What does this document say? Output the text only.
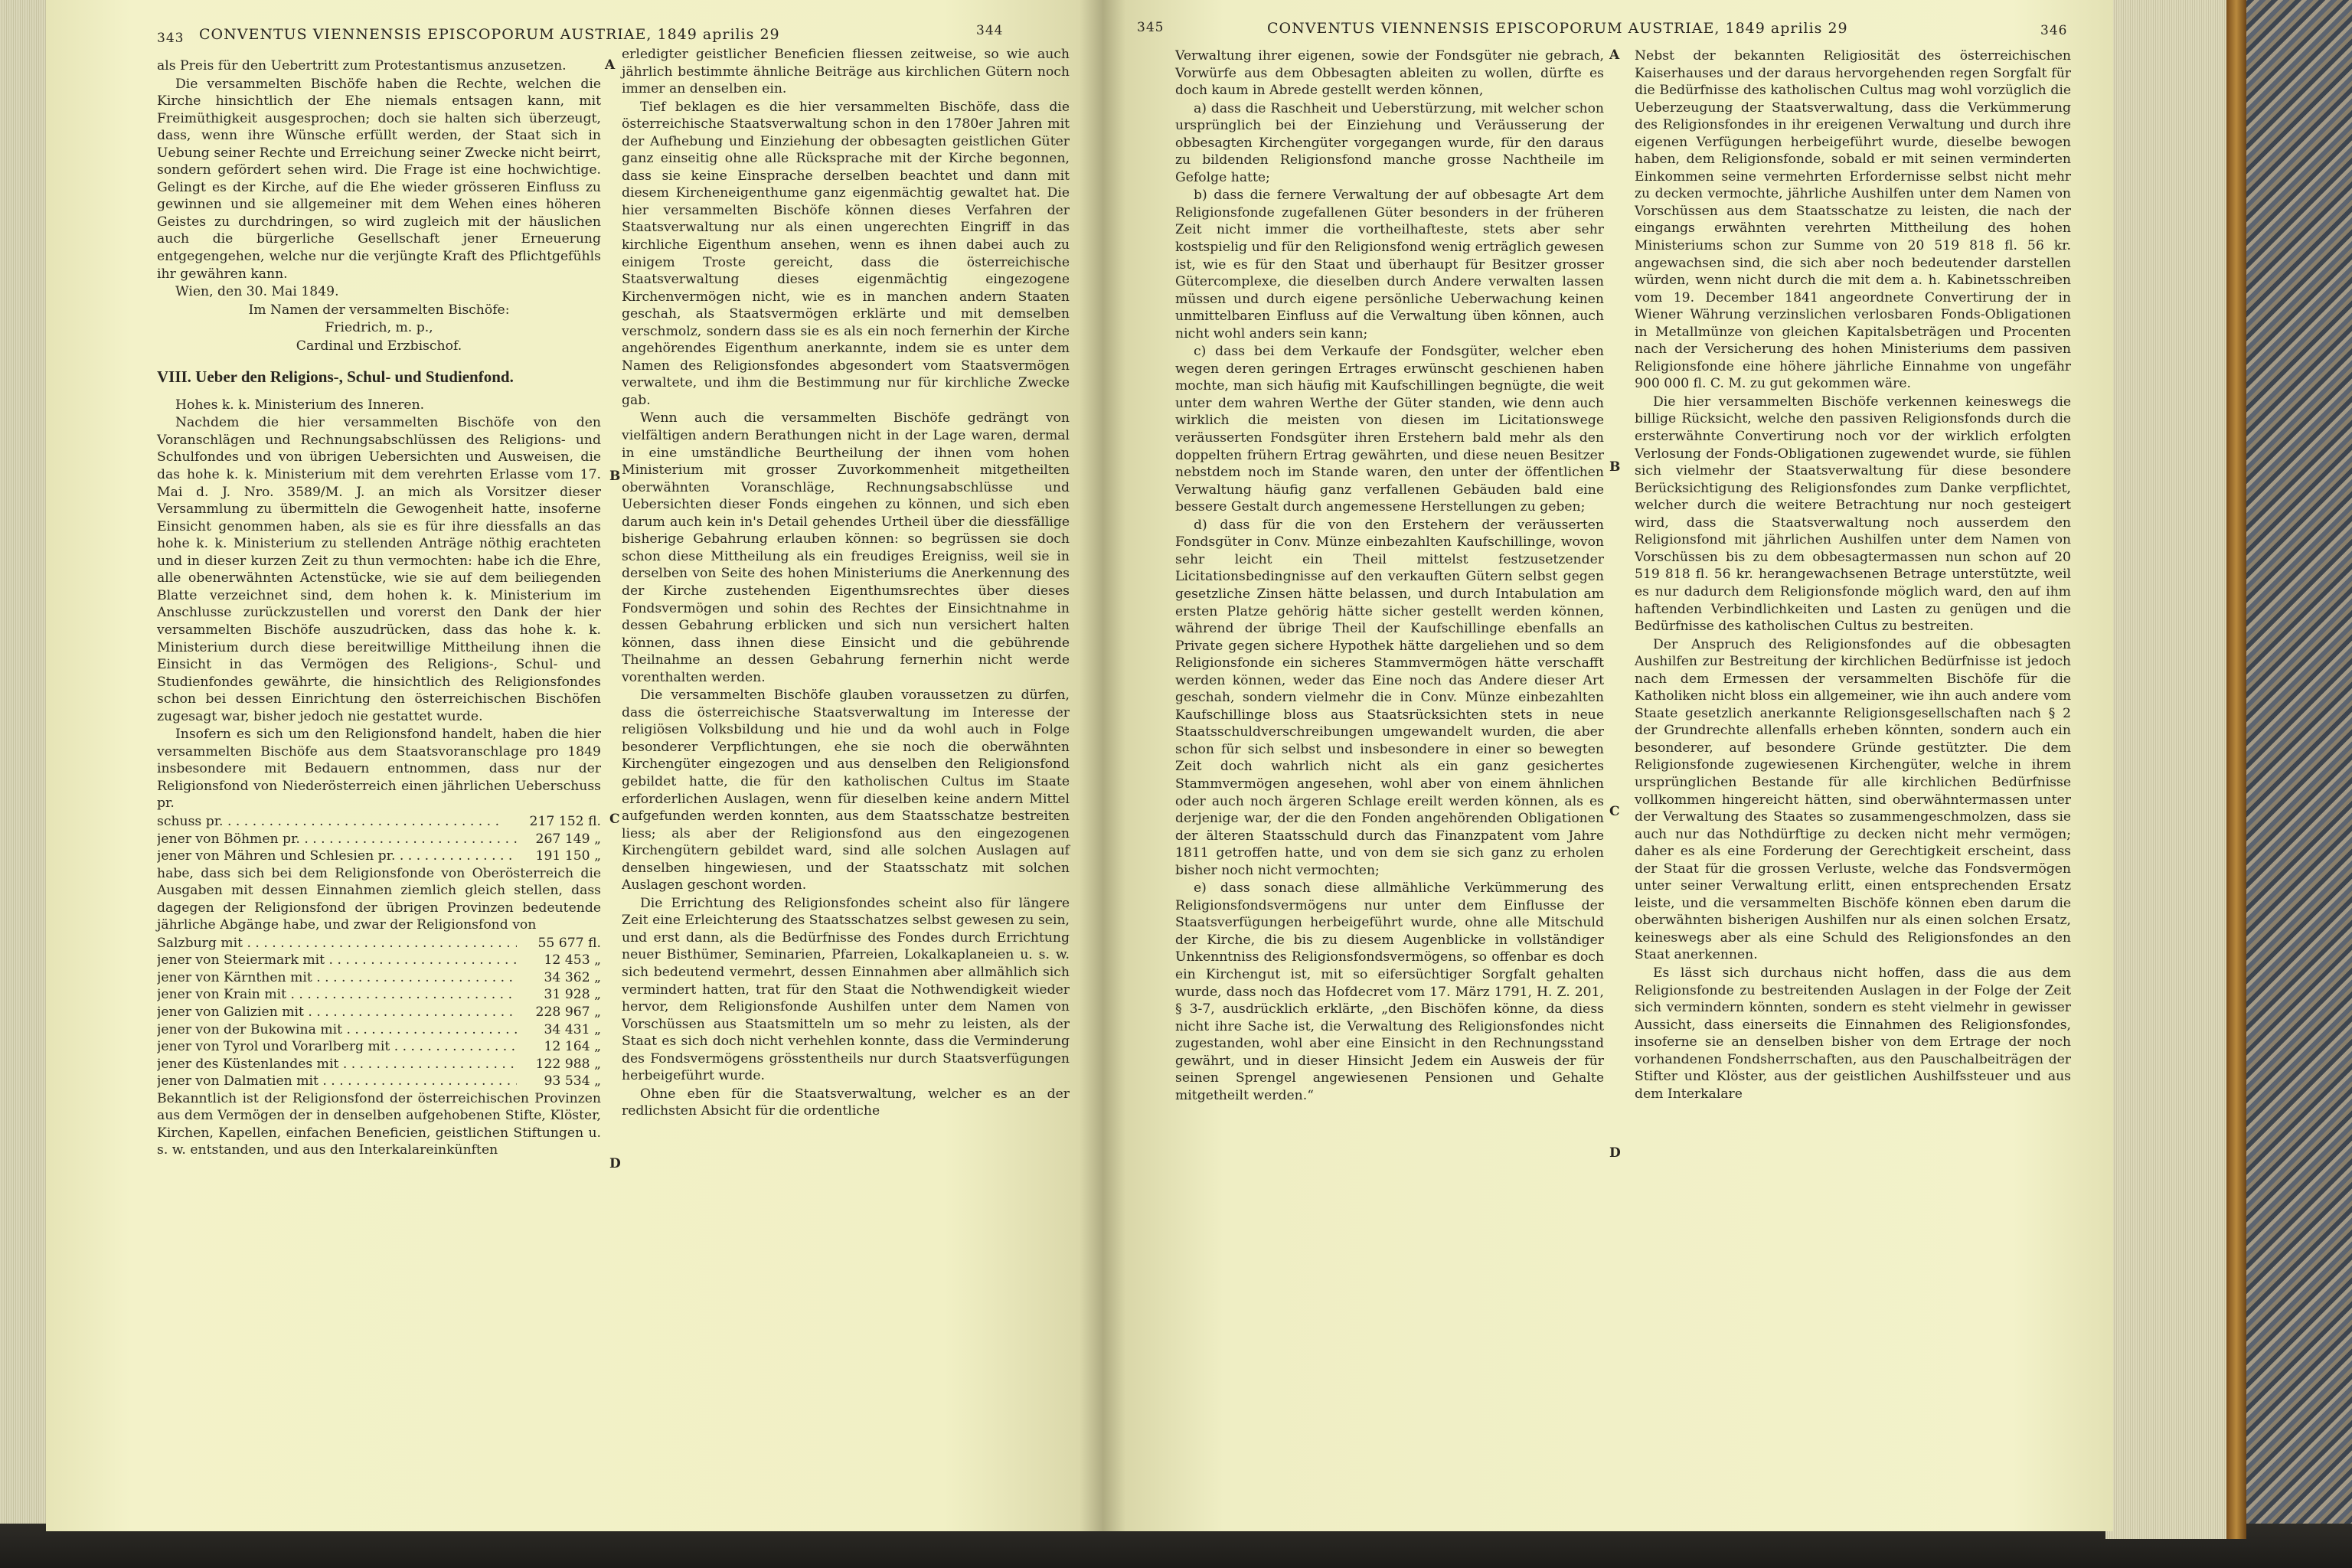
343 CONVENTUS VIENNENSIS EPISCOPORUM AUSTRIAE, 1849 aprilis 29	344

als Preis für den Uebertritt zum Protestantismus anzusetzen.

Die versammelten Bischöfe haben die Rechte, welchen die Kirche hinsichtlich der Ehe niemals entsagen kann, mit Freimüthigkeit ausgesprochen; doch sie halten sich überzeugt, dass, wenn ihre Wünsche erfüllt werden, der Staat sich in Uebung seiner Rechte und Erreichung seiner Zwecke nicht beirrt, sondern gefördert sehen wird. Die Frage ist eine hochwichtige. Gelingt es der Kirche, auf die Ehe wieder grösseren Einfluss zu gewinnen und sie allgemeiner mit dem Wehen eines höheren Geistes zu durchdringen, so wird zugleich mit der häuslichen auch die bürgerliche Gesellschaft jener Erneuerung entgegengehen, welche nur die verjüngte Kraft des Pflichtgefühls ihr gewähren kann.

Wien, den 30. Mai 1849.

Im Namen der versammelten Bischöfe:

Friedrich, m. p.,

Cardinal und Erzbischof.

VIII. Ueber den Religions-, Schul- und Studienfond.

Hohes k. k. Ministerium des Inneren.

Nachdem die hier versammelten Bischöfe von den Voranschlägen und Rechnungsabschlüssen des Religions- und Schulfondes und von übrigen Uebersichten und Ausweisen, die das hohe k. k. Ministerium mit dem verehrten Erlasse vom 17. Mai d. J. Nro. 3589/M. J. an mich als Vorsitzer dieser Versammlung zu übermitteln die Gewogenheit hatte, insoferne Einsicht genommen haben, als sie es für ihre diessfalls an das hohe k. k. Ministerium zu stellenden Anträge nöthig erachteten und in dieser kurzen Zeit zu thun vermochten: habe ich die Ehre, alle obenerwähnten Actenstücke, wie sie auf dem beiliegenden Blatte verzeichnet sind, dem hohen k. k. Ministerium im Anschlusse zurückzustellen und vorerst den Dank der hier versammelten Bischöfe auszudrücken, dass das hohe k. k. Ministerium durch diese bereitwillige Mittheilung ihnen die Einsicht in das Vermögen des Religions-, Schul- und Studienfondes gewährte, die hinsichtlich des Religionsfondes schon bei dessen Einrichtung den österreichischen Bischöfen zugesagt war, bisher jedoch nie gestattet wurde.

Insofern es sich um den Religionsfond handelt, haben die hier versammelten Bischöfe aus dem Staatsvoranschlage pro 1849 insbesondere mit Bedauern entnommen, dass nur der Religionsfond von Niederösterreich einen jährlichen Ueberschuss pr.

schuss pr. . . .	217 152 fl.
jener von Böhmen pr. . . .	267 149 „
jener von Mähren und Schlesien pr. . . .	191 150 „

habe, dass sich bei dem Religionsfonde von Oberösterreich die Ausgaben mit dessen Einnahmen ziemlich gleich stellen, dass dagegen der Religionsfond der übrigen Provinzen bedeutende jährliche Abgänge habe, und zwar der Religionsfond von

Salzburg mit . . .	55 677 fl.
jener von Steiermark mit . . .	12 453 „
jener von Kärnthen mit . . .	34 362 „
jener von Krain mit . . .	31 928 „
jener von Galizien mit . . .	228 967 „
jener von der Bukowina mit . . .	34 431 „
jener von Tyrol und Vorarlberg mit . . .	12 164 „
jener des Küstenlandes mit . . .	122 988 „
jener von Dalmatien mit . . .	93 534 „

Bekanntlich ist der Religionsfond der österreichischen Provinzen aus dem Vermögen der in denselben aufgehobenen Stifte, Klöster, Kirchen, Kapellen, einfachen Beneficien, geistlichen Stiftungen u. s. w. entstanden, und aus den Interkalareinkünften

erledigter geistlicher Beneficien fliessen zeitweise, so wie auch jährlich bestimmte ähnliche Beiträge aus kirchlichen Gütern noch immer an denselben ein.

Tief beklagen es die hier versammelten Bischöfe, dass die österreichische Staatsverwaltung schon in den 1780er Jahren mit der Aufhebung und Einziehung der obbesagten geistlichen Güter ganz einseitig ohne alle Rücksprache mit der Kirche begonnen, dass sie keine Einsprache derselben beachtet und dann mit diesem Kircheneigenthume ganz eigenmächtig gewaltet hat. Die hier versammelten Bischöfe können dieses Verfahren der Staatsverwaltung nur als einen ungerechten Eingriff in das kirchliche Eigenthum ansehen, wenn es ihnen dabei auch zu einigem Troste gereicht, dass die österreichische Staatsverwaltung dieses eigenmächtig eingezogene Kirchenvermögen nicht, wie es in manchen andern Staaten geschah, als Staatsvermögen erklärte und mit demselben verschmolz, sondern dass sie es als ein noch fernerhin der Kirche angehörendes Eigenthum anerkannte, indem sie es unter dem Namen des Religionsfondes abgesondert vom Staatsvermögen verwaltete, und ihm die Bestimmung nur für kirchliche Zwecke gab.

Wenn auch die versammelten Bischöfe gedrängt von vielfältigen andern Berathungen nicht in der Lage waren, dermal in eine umständliche Beurtheilung der ihnen vom hohen Ministerium mit grosser Zuvorkommenheit mitgetheilten oberwähnten Voranschläge, Rechnungsabschlüsse und Uebersichten dieser Fonds eingehen zu können, und sich eben darum auch kein in's Detail gehendes Urtheil über die diessfällige bisherige Gebahrung erlauben können: so begrüssen sie doch schon diese Mittheilung als ein freudiges Ereigniss, weil sie in derselben von Seite des hohen Ministeriums die Anerkennung des der Kirche zustehenden Eigenthumsrechtes über dieses Fondsvermögen und sohin des Rechtes der Einsichtnahme in dessen Gebahrung erblicken und sich nun versichert halten können, dass ihnen diese Einsicht und die gebührende Theilnahme an dessen Gebahrung fernerhin nicht werde vorenthalten werden.

Die versammelten Bischöfe glauben voraussetzen zu dürfen, dass die österreichische Staatsverwaltung im Interesse der religiösen Volksbildung und hie und da wohl auch in Folge besonderer Verpflichtungen, ehe sie noch die oberwähnten Kirchengüter eingezogen und aus denselben den Religionsfond gebildet hatte, die für den katholischen Cultus im Staate erforderlichen Auslagen, wenn für dieselben keine andern Mittel aufgefunden werden konnten, aus dem Staatsschatze bestreiten liess; als aber der Religionsfond aus den eingezogenen Kirchengütern gebildet ward, sind alle solchen Auslagen auf denselben hingewiesen, und der Staatsschatz mit solchen Auslagen geschont worden.

Die Errichtung des Religionsfondes scheint also für längere Zeit eine Erleichterung des Staatsschatzes selbst gewesen zu sein, und erst dann, als die Bedürfnisse des Fondes durch Errichtung neuer Bisthümer, Seminarien, Pfarreien, Lokalkaplaneien u. s. w. sich bedeutend vermehrt, dessen Einnahmen aber allmählich sich vermindert hatten, trat für den Staat die Nothwendigkeit wieder hervor, dem Religionsfonde Aushilfen unter dem Namen von Vorschüssen aus Staatsmitteln um so mehr zu leisten, als der Staat es sich doch nicht verhehlen konnte, dass die Verminderung des Fondsvermögens grösstentheils nur durch Staatsverfügungen herbeigeführt wurde.

Ohne eben für die Staatsverwaltung, welcher es an der redlichsten Absicht für die ordentliche

A
B
C
D
345	CONVENTUS VIENNENSIS EPISCOPORUM AUSTRIAE, 1849 aprilis 29	346

Verwaltung ihrer eigenen, sowie der Fondsgüter nie gebrach, Vorwürfe aus dem Obbesagten ableiten zu wollen, dürfte es doch kaum in Abrede gestellt werden können,

a) dass die Raschheit und Ueberstürzung, mit welcher schon ursprünglich bei der Einziehung und Veräusserung der obbesagten Kirchengüter vorgegangen wurde, für den daraus zu bildenden Religionsfond manche grosse Nachtheile im Gefolge hatte;

b) dass die fernere Verwaltung der auf obbesagte Art dem Religionsfonde zugefallenen Güter besonders in der früheren Zeit nicht immer die vortheilhafteste, stets aber sehr kostspielig und für den Religionsfond wenig erträglich gewesen ist, wie es für den Staat und überhaupt für Besitzer grosser Gütercomplexe, die dieselben durch Andere verwalten lassen müssen und durch eigene persönliche Ueberwachung keinen unmittelbaren Einfluss auf die Verwaltung üben können, auch nicht wohl anders sein kann;

c) dass bei dem Verkaufe der Fondsgüter, welcher eben wegen deren geringen Ertrages erwünscht geschienen haben mochte, man sich häufig mit Kaufschillingen begnügte, die weit unter dem wahren Werthe der Güter standen, wie denn auch wirklich die meisten von diesen im Licitationswege veräusserten Fondsgüter ihren Erstehern bald mehr als den doppelten frühern Ertrag gewährten, und diese neuen Besitzer nebstdem noch im Stande waren, den unter der öffentlichen Verwaltung häufig ganz verfallenen Gebäuden bald eine bessere Gestalt durch angemessene Herstellungen zu geben;

d) dass für die von den Erstehern der veräusserten Fondsgüter in Conv. Münze einbezahlten Kaufschillinge, wovon sehr leicht ein Theil mittelst festzusetzender Licitationsbedingnisse auf den verkauften Gütern selbst gegen gesetzliche Zinsen hätte belassen, und durch Intabulation am ersten Platze gehörig hätte sicher gestellt werden können, während der übrige Theil der Kaufschillinge ebenfalls an Private gegen sichere Hypothek hätte dargeliehen und so dem Religionsfonde ein sicheres Stammvermögen hätte verschafft werden können, weder das Eine noch das Andere dieser Art geschah, sondern vielmehr die in Conv. Münze einbezahlten Kaufschillinge bloss aus Staatsrücksichten stets in neue Staatsschuldverschreibungen umgewandelt wurden, die aber schon für sich selbst und insbesondere in einer so bewegten Zeit doch wahrlich nicht als ein ganz gesichertes Stammvermögen angesehen, wohl aber von einem ähnlichen oder auch noch ärgeren Schlage ereilt werden können, als es derjenige war, der die den Fonden angehörenden Obligationen der älteren Staatsschuld durch das Finanzpatent vom Jahre 1811 getroffen hatte, und von dem sie sich ganz zu erholen bisher noch nicht vermochten;

e) dass sonach diese allmähliche Verkümmerung des Religionsfondsvermögens nur unter dem Einflusse der Staatsverfügungen herbeigeführt wurde, ohne alle Mitschuld der Kirche, die bis zu diesem Augenblicke in vollständiger Unkenntniss des Religionsfondsvermögens, so offenbar es doch ein Kirchengut ist, mit so eifersüchtiger Sorgfalt gehalten wurde, dass noch das Hofdecret vom 17. März 1791, H. Z. 201, § 3-7, ausdrücklich erklärte, „den Bischöfen könne, da diess nicht ihre Sache ist, die Verwaltung des Religionsfondes nicht zugestanden, wohl aber eine Einsicht in den Rechnungsstand gewährt, und in dieser Hinsicht Jedem ein Ausweis der für seinen Sprengel angewiesenen Pensionen und Gehalte mitgetheilt werden.“

Nebst der bekannten Religiosität des österreichischen Kaiserhauses und der daraus hervorgehenden regen Sorgfalt für die Bedürfnisse des katholischen Cultus mag wohl vorzüglich die Ueberzeugung der Staatsverwaltung, dass die Verkümmerung des Religionsfondes in ihr ereigenen Verwaltung und durch ihre eigenen Verfügungen herbeigeführt wurde, dieselbe bewogen haben, dem Religionsfonde, sobald er mit seinen verminderten Einkommen seine vermehrten Erfordernisse selbst nicht mehr zu decken vermochte, jährliche Aushilfen unter dem Namen von Vorschüssen aus dem Staatsschatze zu leisten, die nach der eingangs erwähnten verehrten Mittheilung des hohen Ministeriums schon zur Summe von 20 519 818 fl. 56 kr. angewachsen sind, die sich aber noch bedeutender darstellen würden, wenn nicht durch die mit dem a. h. Kabinetsschreiben vom 19. December 1841 angeordnete Convertirung der in Wiener Währung verzinslichen verlosbaren Fonds-Obligationen in Metallmünze von gleichen Kapitalsbeträgen und Procenten nach der Versicherung des hohen Ministeriums dem passiven Religionsfonde eine höhere jährliche Einnahme von ungefähr 900 000 fl. C. M. zu gut gekommen wäre.

Die hier versammelten Bischöfe verkennen keineswegs die billige Rücksicht, welche den passiven Religionsfonds durch die ersterwähnte Convertirung noch vor der wirklich erfolgten Verlosung der Fonds-Obligationen zugewendet wurde, sie fühlen sich vielmehr der Staatsverwaltung für diese besondere Berücksichtigung des Religionsfondes zum Danke verpflichtet, welcher durch die weitere Betrachtung nur noch gesteigert wird, dass die Staatsverwaltung noch ausserdem den Religionsfond mit jährlichen Aushilfen unter dem Namen von Vorschüssen bis zu dem obbesagtermassen nun schon auf 20 519 818 fl. 56 kr. herangewachsenen Betrage unterstützte, weil es nur dadurch dem Religionsfonde möglich ward, den auf ihm haftenden Verbindlichkeiten und Lasten zu genügen und die Bedürfnisse des katholischen Cultus zu bestreiten.

Der Anspruch des Religionsfondes auf die obbesagten Aushilfen zur Bestreitung der kirchlichen Bedürfnisse ist jedoch nach dem Ermessen der versammelten Bischöfe für die Katholiken nicht bloss ein allgemeiner, wie ihn auch andere vom Staate gesetzlich anerkannte Religionsgesellschaften nach § 2 der Grundrechte allenfalls erheben könnten, sondern auch ein besonderer, auf besondere Gründe gestützter. Die dem Religionsfonde zugewiesenen Kirchengüter, welche in ihrem ursprünglichen Bestande für alle kirchlichen Bedürfnisse vollkommen hingereicht hätten, sind oberwähntermassen unter der Verwaltung des Staates so zusammengeschmolzen, dass sie auch nur das Nothdürftige zu decken nicht mehr vermögen; daher es als eine Forderung der Gerechtigkeit erscheint, dass der Staat für die grossen Verluste, welche das Fondsvermögen unter seiner Verwaltung erlitt, einen entsprechenden Ersatz leiste, und die versammelten Bischöfe können eben darum die oberwähnten bisherigen Aushilfen nur als einen solchen Ersatz, keineswegs aber als eine Schuld des Religionsfondes an den Staat anerkennen.

Es lässt sich durchaus nicht hoffen, dass die aus dem Religionsfonde zu bestreitenden Auslagen in der Folge der Zeit sich vermindern könnten, sondern es steht vielmehr in gewisser Aussicht, dass einerseits die Einnahmen des Religionsfondes, insoferne sie an denselben bisher von dem Ertrage der noch vorhandenen Fondsherrschaften, aus den Pauschalbeiträgen der Stifter und Klöster, aus der geistlichen Aushilfssteuer und aus dem Interkalare

A
B
C
D
